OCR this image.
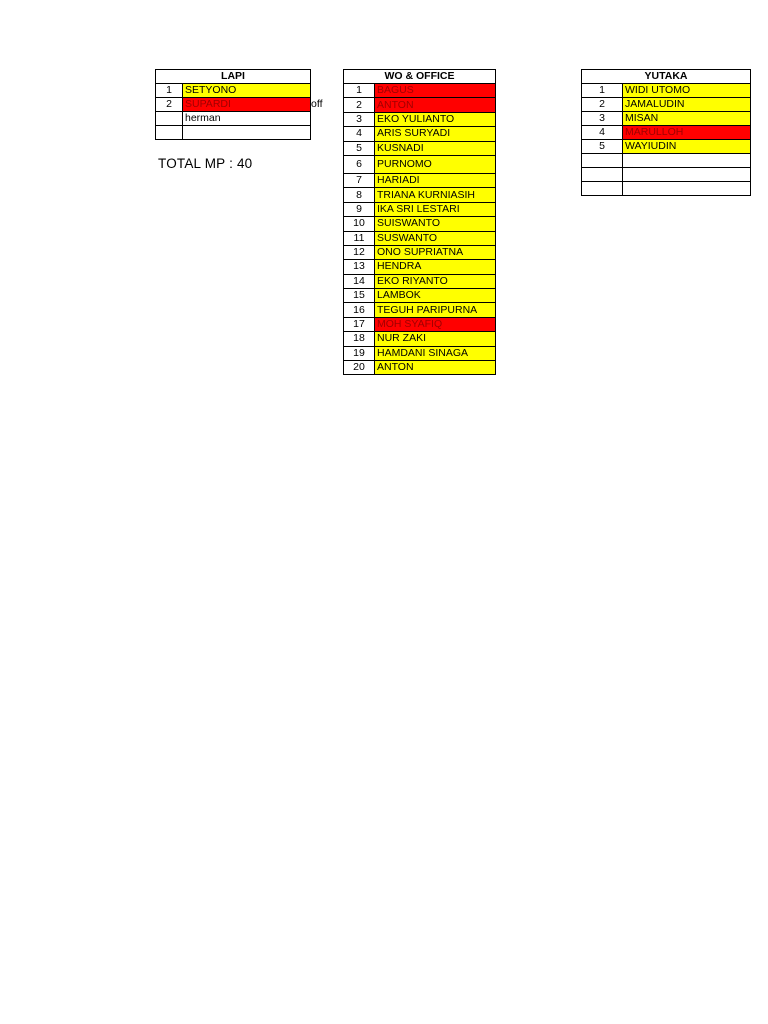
LAPI	
1	SETYONO
2	SUPARDI
	herman

off
TOTAL MP : 40
WO & OFFICE	
1	BAGUS
2	ANTON
3	EKO YULIANTO
4	ARIS SURYADI
5	KUSNADI
6	PURNOMO
7	HARIADI
8	TRIANA KURNIASIH
9	IKA SRI LESTARI
10	SUISWANTO
11	SUSWANTO
12	ONO SUPRIATNA
13	HENDRA
14	EKO RIYANTO
15	LAMBOK
16	TEGUH PARIPURNA
17	MOH SYAFIQ
18	NUR ZAKI
19	HAMDANI SINAGA
20	ANTON
YUTAKA	
1	WIDI UTOMO
2	JAMALUDIN
3	MISAN
4	MARULLOH
5	WAYIUDIN
